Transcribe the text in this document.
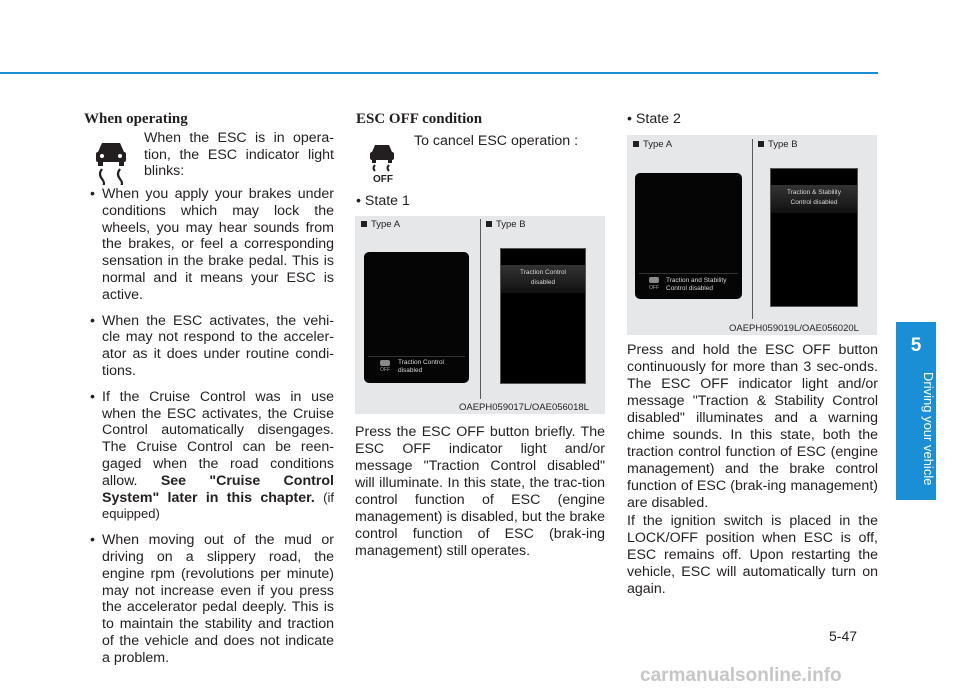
When operating
When the ESC is in opera-tion, the ESC indicator light blinks:
• When you apply your brakes under conditions which may lock the wheels, you may hear sounds from the brakes, or feel a corresponding sensation in the brake pedal. This is normal and it means your ESC is active.
• When the ESC activates, the vehi-cle may not respond to the acceler-ator as it does under routine condi-tions.
• If the Cruise Control was in use when the ESC activates, the Cruise Control automatically disengages. The Cruise Control can be reen-gaged when the road conditions allow. See "Cruise Control System" later in this chapter. (if equipped)
• When moving out of the mud or driving on a slippery road, the engine rpm (revolutions per minute) may not increase even if you press the accelerator pedal deeply. This is to maintain the stability and traction of the vehicle and does not indicate a problem.
ESC OFF condition
OFF
To cancel ESC operation :
• State 1
Type A	Type B
OFF
Traction Control
disabled
Traction Control
disabled
OAEPH059017L/OAE056018L
Press the ESC OFF button briefly. The ESC OFF indicator light and/or message "Traction Control disabled" will illuminate. In this state, the trac-tion control function of ESC (engine management) is disabled, but the brake control function of ESC (brak-ing management) still operates.
• State 2
Type A	Type B
OFF
Traction and Stability
Control disabled
Traction & Stability
Control disabled
OAEPH059019L/OAE056020L
Press and hold the ESC OFF button continuously for more than 3 sec-onds. The ESC OFF indicator light and/or message "Traction & Stability Control disabled" illuminates and a warning chime sounds. In this state, both the traction control function of ESC (engine management) and the brake control function of ESC (brak-ing management) are disabled.
If the ignition switch is placed in the LOCK/OFF position when ESC is off, ESC remains off. Upon restarting the vehicle, ESC will automatically turn on again.
5
Driving your vehicle
5-47
carmanualsonline.info
